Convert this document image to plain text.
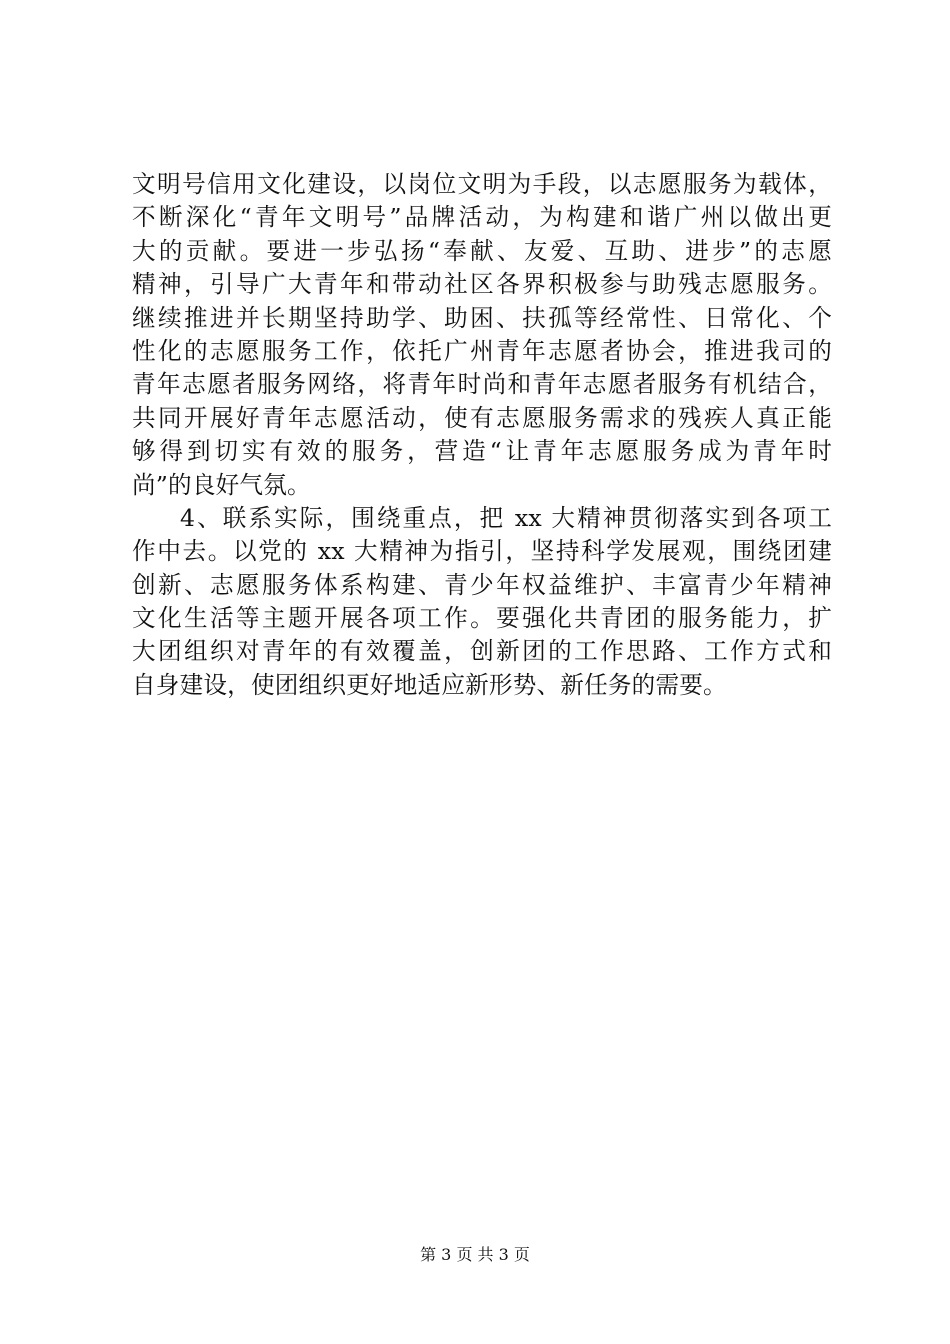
文明号信用文化建设，以岗位文明为手段，以志愿服务为载体，
不断深化“青年文明号”品牌活动，为构建和谐广州以做出更
大的贡献。要进一步弘扬“奉献、友爱、互助、进步”的志愿
精神，引导广大青年和带动社区各界积极参与助残志愿服务。
继续推进并长期坚持助学、助困、扶孤等经常性、日常化、个
性化的志愿服务工作，依托广州青年志愿者协会，推进我司的
青年志愿者服务网络，将青年时尚和青年志愿者服务有机结合，
共同开展好青年志愿活动，使有志愿服务需求的残疾人真正能
够得到切实有效的服务，营造“让青年志愿服务成为青年时
尚”的良好气氛。
4、联系实际，围绕重点，把 xx 大精神贯彻落实到各项工
作中去。以党的 xx 大精神为指引，坚持科学发展观，围绕团建
创新、志愿服务体系构建、青少年权益维护、丰富青少年精神
文化生活等主题开展各项工作。要强化共青团的服务能力，扩
大团组织对青年的有效覆盖，创新团的工作思路、工作方式和
自身建设，使团组织更好地适应新形势、新任务的需要。
第 3 页 共 3 页
